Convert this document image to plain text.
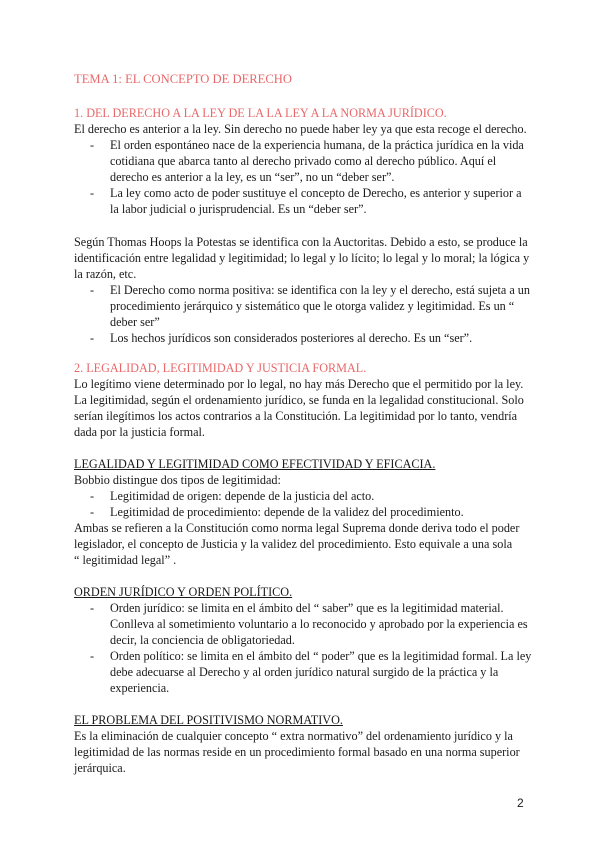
TEMA 1: EL CONCEPTO DE DERECHO

1. DEL DERECHO A LA LEY DE LA LA LEY A LA NORMA JURÍDICO.

El derecho es anterior a la ley. Sin derecho no puede haber ley ya que esta recoge el derecho.

- El orden espontáneo nace de la experiencia humana, de la práctica jurídica en la vida

cotidiana que abarca tanto al derecho privado como al derecho público. Aquí el

derecho es anterior a la ley, es un “ser”, no un “deber ser”.

- La ley como acto de poder sustituye el concepto de Derecho, es anterior y superior a

la labor judicial o jurisprudencial. Es un “deber ser”.

Según Thomas Hoops la Potestas se identifica con la Auctoritas. Debido a esto, se produce la

identificación entre legalidad y legitimidad; lo legal y lo lícito; lo legal y lo moral; la lógica y

la razón, etc.

- El Derecho como norma positiva: se identifica con la ley y el derecho, está sujeta a un

procedimiento jerárquico y sistemático que le otorga validez y legitimidad. Es un “

deber ser”

- Los hechos jurídicos son considerados posteriores al derecho. Es un “ser”.

2. LEGALIDAD, LEGITIMIDAD Y JUSTICIA FORMAL.

Lo legítimo viene determinado por lo legal, no hay más Derecho que el permitido por la ley.

La legitimidad, según el ordenamiento jurídico, se funda en la legalidad constitucional. Solo

serían ilegítimos los actos contrarios a la Constitución. La legitimidad por lo tanto, vendría

dada por la justicia formal.

LEGALIDAD Y LEGITIMIDAD COMO EFECTIVIDAD Y EFICACIA.

Bobbio distingue dos tipos de legitimidad:

- Legitimidad de origen: depende de la justicia del acto.

- Legitimidad de procedimiento: depende de la validez del procedimiento.

Ambas se refieren a la Constitución como norma legal Suprema donde deriva todo el poder

legislador, el concepto de Justicia y la validez del procedimiento. Esto equivale a una sola

“ legitimidad legal” .

ORDEN JURÍDICO Y ORDEN POLÍTICO.

- Orden jurídico: se limita en el ámbito del “ saber” que es la legitimidad material.

Conlleva al sometimiento voluntario a lo reconocido y aprobado por la experiencia es

decir, la conciencia de obligatoriedad.

- Orden político: se limita en el ámbito del “ poder” que es la legitimidad formal. La ley

debe adecuarse al Derecho y al orden jurídico natural surgido de la práctica y la

experiencia.

EL PROBLEMA DEL POSITIVISMO NORMATIVO.

Es la eliminación de cualquier concepto “ extra normativo” del ordenamiento jurídico y la

legitimidad de las normas reside en un procedimiento formal basado en una norma superior

jerárquica.

2
